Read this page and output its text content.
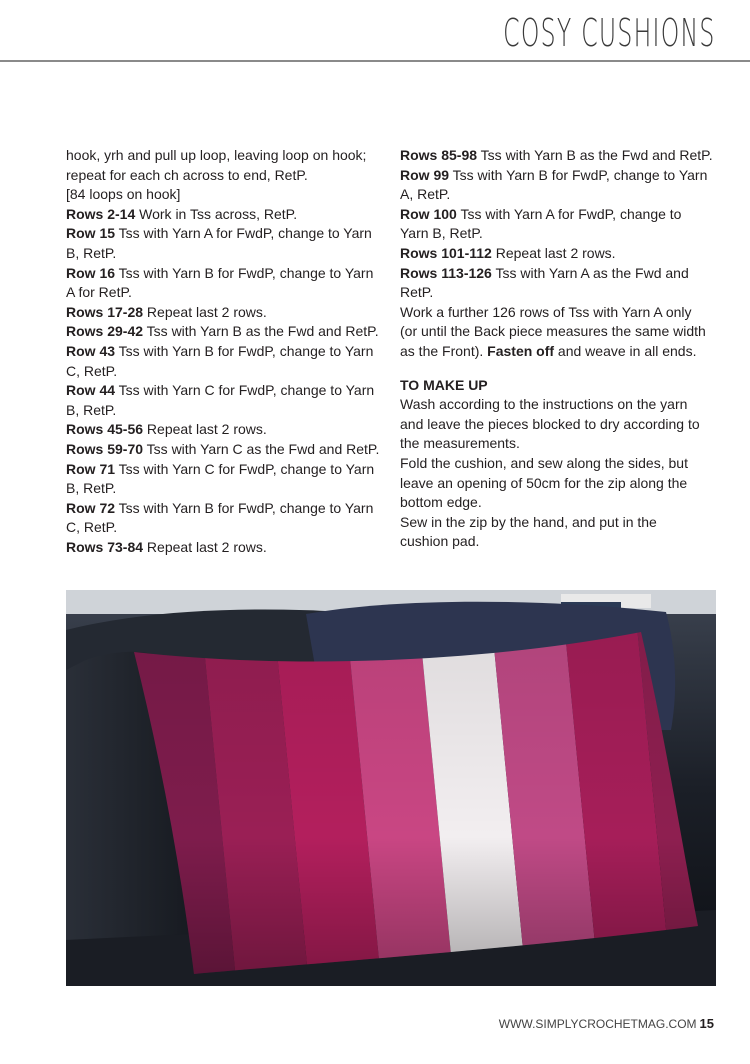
COSY CUSHIONS
hook, yrh and pull up loop, leaving loop on hook;
repeat for each ch across to end, RetP.
[84 loops on hook]
Rows 2-14 Work in Tss across, RetP.
Row 15 Tss with Yarn A for FwdP, change to Yarn
B, RetP.
Row 16 Tss with Yarn B for FwdP, change to Yarn
A for RetP.
Rows 17-28 Repeat last 2 rows.
Rows 29-42 Tss with Yarn B as the Fwd and RetP.
Row 43 Tss with Yarn B for FwdP, change to Yarn
C, RetP.
Row 44 Tss with Yarn C for FwdP, change to Yarn
B, RetP.
Rows 45-56 Repeat last 2 rows.
Rows 59-70 Tss with Yarn C as the Fwd and RetP.
Row 71 Tss with Yarn C for FwdP, change to Yarn
B, RetP.
Row 72 Tss with Yarn B for FwdP, change to Yarn
C, RetP.
Rows 73-84 Repeat last 2 rows.
Rows 85-98 Tss with Yarn B as the Fwd and RetP.
Row 99 Tss with Yarn B for FwdP, change to Yarn
A, RetP.
Row 100 Tss with Yarn A for FwdP, change to
Yarn B, RetP.
Rows 101-112 Repeat last 2 rows.
Rows 113-126 Tss with Yarn A as the Fwd and
RetP.
Work a further 126 rows of Tss with Yarn A only
(or until the Back piece measures the same width
as the Front). Fasten off and weave in all ends.
TO MAKE UP
Wash according to the instructions on the yarn
and leave the pieces blocked to dry according to
the measurements.
Fold the cushion, and sew along the sides, but
leave an opening of 50cm for the zip along the
bottom edge.
Sew in the zip by the hand, and put in the
cushion pad.
WWW.SIMPLYCROCHETMAG.COM 15
